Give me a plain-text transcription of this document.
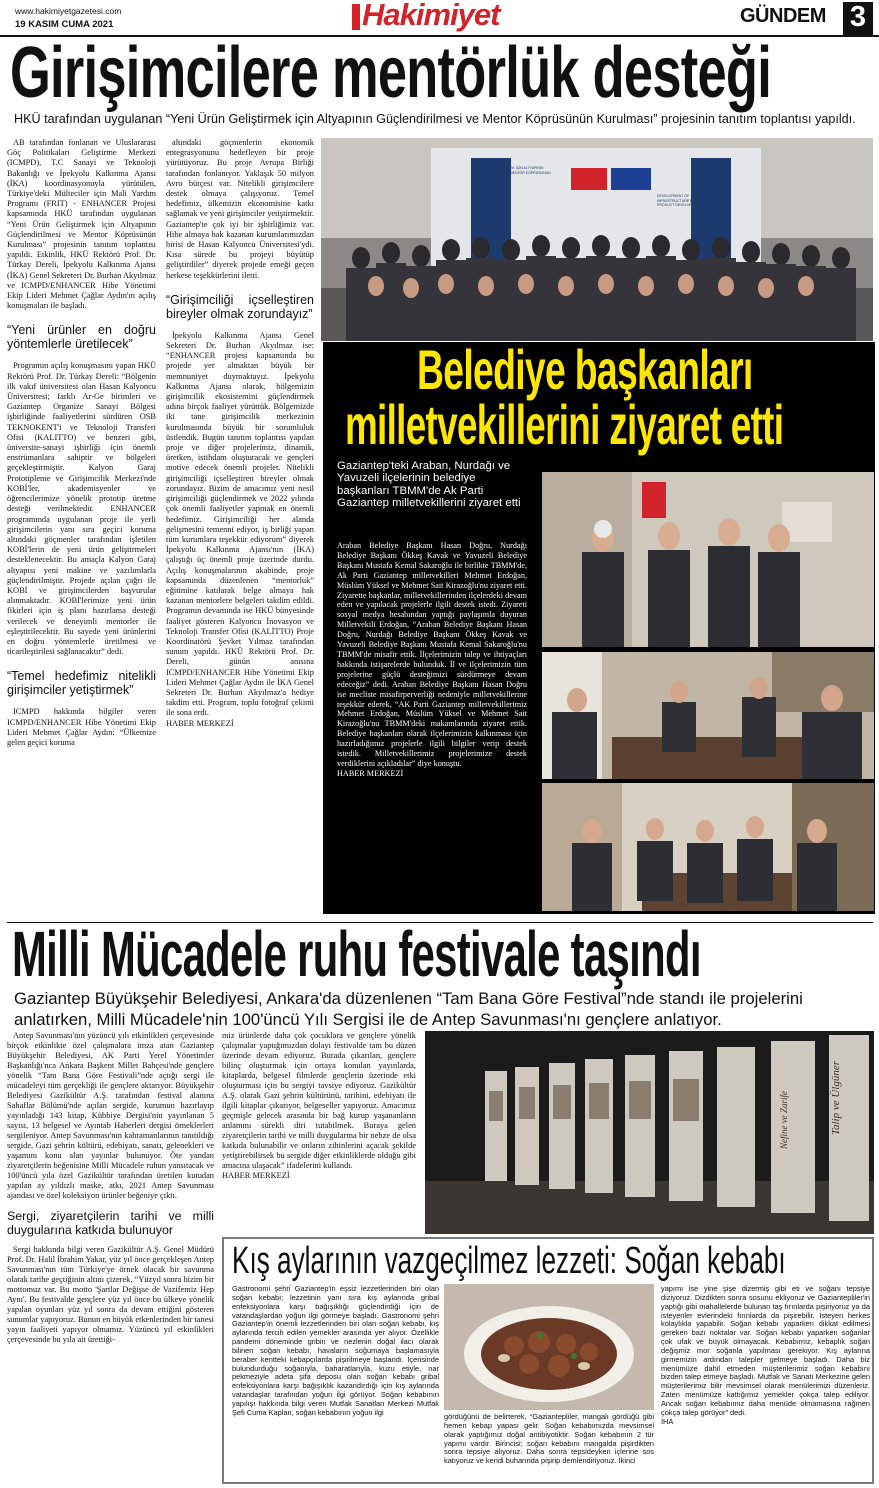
www.hakimiyetgazetesi.com
19 KASIM CUMA 2021	Hakimiyet	GÜNDEM 3
Girişimcilere mentörlük desteği
HKÜ tarafından uygulanan “Yeni Ürün Geliştirmek için Altyapının Güçlendirilmesi ve Mentor Köprüsünün Kurulması” projesinin tanıtım toplantısı yapıldı.

AB tarafından fonlanan ve Uluslararası Göç Politikaları Geliştirme Merkezi (ICMPD), T.C Sanayi ve Teknoloji Bakanlığı ve İpekyolu Kalkınma Ajansı (İKA) koordinasyonuyla yürütülen, Türkiye'deki Mülteciler için Mali Yardım Programı (FRIT) - ENHANCER Projesi kapsamında HKÜ tarafından uygulanan “Yeni Ürün Geliştirmek için Altyapının Güçlendirilmesi ve Mentor Köprüsünün Kurulması” projesinin tanıtım toplantısı yapıldı. Etkinlik, HKÜ Rektörü Prof. Dr. Türkay Dereli, İpekyolu Kalkınma Ajansı (İKA) Genel Sekreteri Dr. Burhan Akyılmaz ve ICMPD/ENHANCER Hibe Yönetimi Ekip Lideri Mehmet Çağlar Aydın'ın açılış konuşmaları ile başladı.

“Yeni ürünler en doğru yöntemlerle üretilecek”

Programın açılış konuşmasını yapan HKÜ Rektörü Prof. Dr. Türkay Dereli: “Bölgenin ilk vakıf üniversitesi olan Hasan Kalyoncu Üniversitesi; farklı Ar-Ge birimleri ve Gaziantep Organize Sanayi Bölgesi işbirliğinde faaliyetlerini sürdüren OSB TEKNOKENT'i ve Teknoloji Transferi Ofisi (KALITTO) ve benzeri gibi, üniversite-sanayi işbirliği için önemli enstrümanlara sahiptir ve bölgeleri geçekleştirmiştir. Kalyon Garaj Prototipleme ve Girişimcilik Merkezi'nde KOBİ'ler, akademisyenler ve öğrencilerimize yönelik prototip üretme desteği verilmektedir. ENHANCER programında uygulanan proje ile yerli girişimcilerin yanı sıra geçici koruma altındaki göçmenler tarafından işletilen KOBİ'lerin de yeni ürün geliştirmeleri desteklenecektir. Bu amaçla Kalyon Garaj altyapısı yeni makine ve yazılımlarla güçlendirilmiştir. Projede açılan çağrı ile KOBİ ve girişimcilerden başvurular alınmaktadır. KOBİ'lerimize yeni ürün fikirleri için iş planı hazırlama desteği verilecek ve deneyimli mentorler ile eşleştirilecektir. Bu sayede yeni ürünlerini en doğru yöntemlerle üretilmesi ve ticarileştirilesi sağlanacaktır” dedi.

“Temel hedefimiz nitelikli girişimciler yetiştirmek”

ICMPD hakkında bilgiler veren ICMPD/ENHANCER Hibe Yönetimi Ekip Lideri Mehmet Çağlar Aydın: “Ülkemize gelen geçici koruma

altındaki göçmenlerin ekonomik entegrasyonunu hedefleyen bir proje yürütüyoruz. Bu proje Avrupa Birliği tarafından fonlanıyor. Yaklaşık 50 milyon Avro bütçesi var. Nitelikli girişimcilere destek olmaya çalışıyoruz. Temel hedefimiz, ülkemizin ekonomisine katkı sağlamak ve yeni girişimciler yetiştirmektir. Gaziantep'te çok iyi bir işbirliğimiz var. Hibe almaya hak kazanan kurumlarımızdan birisi de Hasan Kalyoncu Üniversitesi'ydi. Kısa sürede bu projeyi büyütüp geliştirdiler” diyerek projede emeği geçen herkese teşekkürlerini iletti.

“Girişimciliği içselleştiren bireyler olmak zorundayız”

İpekyolu Kalkınma Ajansı Genel Sekreteri Dr. Burhan Akyılmaz ise: “ENHANCER projesi kapsamında bu projede yer almaktan büyük bir memnuniyet duymaktayız. İpekyolu Kalkınma Ajansı olarak, bölgemizin girişimcilik ekosistemini güçlendirmek adına birçok faaliyet yürüttük. Bölgemizde iki tane girişimcilik merkezinin kurulmasında büyük bir sorumluluk üstlendik. Bugün tanıtım toplantısı yapılan proje ve diğer projelerimiz, dinamik, üretken, istihdam oluşturacak ve gençleri motive edecek önemli projeler. Nitelikli girişimciliği içselleştiren bireyler olmak zorundayız. Bizim de amacımız yeni nesil girişimciliği güçlendirmek ve 2022 yılında çok önemli faaliyetler yapmak en önemli hedefimiz. Girişimciliği her alanda gelişmesini temenni ediyor, iş birliği yapan tüm kurumlara teşekkür ediyorum” diyerek İpekyolu Kalkınma Ajansı'nın (İKA) çalıştığı üç önemli proje üzerinde durdu. Açılış konuşmalarının akabinde, proje kapsamında düzenlenen “mentorluk” eğitimine katılarak belge almaya hak kazanan mentorlere belgeleri takdim edildi. Programın devamında ise HKÜ bünyesinde faaliyet gösteren Kalyoncu İnovasyon ve Teknoloji Transfer Ofisi (KALİTTO) Proje Koordinatörü Şevket Yılmaz tarafından sunum yapıldı. HKÜ Rektörü Prof. Dr. Dereli, günün anısına ICMPD/ENHANCER Hibe Yönetimi Ekip Lideri Mehmet Çağlar Aydın ile İKA Genel Sekreteri Dr. Burhan Akyılmaz'a hediye takdim etti. Program, toplu fotoğraf çekimi ile sona erdi.

HABER MERKEZİ
YENİ ÜRÜN GELİŞTİRMEK İÇİN ALTYAPININ GÜÇLENDİRİLMESİ VE MENTOR KÖPRÜSÜNÜN KURULMASI
DEVELOPMENT OF INFRASTRUCTURE FOR NEW PRODUCT DEVELOPMENT
Belediye başkanları
milletvekillerini ziyaret etti
Gaziantep'teki Araban, Nurdağı ve Yavuzeli ilçelerinin belediye başkanları TBMM'de Ak Parti Gaziantep milletvekillerini ziyaret etti

Araban Belediye Başkanı Hasan Doğru, Nurdağı Belediye Başkanı Ökkeş Kavak ve Yavuzeli Belediye Başkanı Mustafa Kemal Sakaroğlu ile birlikte TBMM'de, Ak Parti Gaziantep milletvekilleri Mehmet Erdoğan, Müslüm Yüksel ve Mehmet Sait Kirazoğlu'nu ziyaret etti. Ziyarette başkanlar, milletvekillerinden ilçelerdeki devam eden ve yapılacak projelerle ilgili destek istedi. Ziyareti sosyal medya hesabından yaptığı paylaşımla duyuran Milletvekili Erdoğan, “Araban Belediye Başkanı Hasan Doğru, Nurdağı Belediye Başkanı Ökkeş Kavak ve Yavuzeli Belediye Başkanı Mustafa Kemal Sakaroğlu'nu TBMM'de misafir ettik. İlçelerimizin talep ve ihtiyaçları hakkında istişarelerde bulunduk. İl ve ilçelerimizin tüm projelerine güçlü desteğimizi sürdürmeye devam edeceğiz” dedi. Araban Belediye Başkanı Hasan Doğru ise mecliste misafirperverliği nedeniyle milletvekillerine teşekkür ederek, “AK Parti Gaziantep milletvekillerimiz Mehmet Erdoğan, Müslüm Yüksel ve Mehmet Sait Kirazoğlu'nu TBMM'deki makamlarında ziyaret ettik. Belediye başkanları olarak ilçelerimizin kalkınması için hazırladığımız projelerle ilgili bilgiler verip destek istedik. Milletvekillerimiz projelerimize destek verdiklerini açıkladılar” diye konuştu.

HABER MERKEZİ
Milli Mücadele ruhu festivale taşındı
Gaziantep Büyükşehir Belediyesi, Ankara'da düzenlenen “Tam Bana Göre Festival”nde standı ile projelerini anlatırken, Milli Mücadele'nin 100'üncü Yılı Sergisi ile de Antep Savunması'nı gençlere anlatıyor.

Antep Savunması'nın yüzüncü yılı etkinlikleri çerçevesinde birçok etkinlikte özel çalışmalara imza atan Gaziantep Büyükşehir Belediyesi, AK Parti Yerel Yönetimler Başkanlığı'nca Ankara Başkent Millet Bahçesi'nde gençlere yönelik “Tam Bana Göre Festivali”nde açtığı sergi ile mücadeleyi tüm gerçekliği ile gençlere aktarıyor. Büyükşehir Belediyesi Gazikültür A.Ş. tarafından festival alanına Sahaflar Bölümü'nde açılan sergide, kurumun hazırlayıp yayınladığı 143 kitap, Kübbiye Dergisi'nin yayınlanan 5 sayısı, 13 belgesel ve Ayıntab Haberleri dergisi örneklerleri sergileniyor. Antep Savunması'nın kahramanlarının tanıtıldığı sergide, Gazi şehrin kültürü, edebiyatı, sanatı, gelenekleri ve yaşamını konu alan yayınlar bulunuyor. Öte yandan ziyaretçilerin beğenisine Milli Mücadele ruhun yansıtacak ve 100'üncü yıla özel Gazikültür tarafından üretilen kutudan yapılan ay yıldızlı maske, atkı, 2021 Antep Savunması ajandası ve özel koleksiyon ürünler beğeniye çıktı.

Sergi, ziyaretçilerin tarihi ve milli duygularına katkıda bulunuyor

Sergi hakkında bilgi veren Gazikültür A.Ş. Genel Müdürü Prof. Dr. Halil İbrahim Yakar, yüz yıl önce gerçekleşen Antep Savunması'nın tüm Türkiye'ye örnek olacak bir savunma olarak tarihe geçtiğinin altını çizerek, “Yüzyıl sonra bizim bir mottomuz var. Bu motto 'Şartlar Değişse de Vazifemiz Hep Aynı'. Bu festivalde gençlere yüz yıl önce bu ülkeye yönelik yapılan oyunları yüz yıl sonra da devam ettiğini gösteren sunumlar yapıyoruz. Bunun en büyük etkenlerinden bir tanesi yayın faaliyeti yapıyor olmamız. Yüzüncü yıl etkinlikleri çerçevesinde bu yıla ait ürettiği-

miz ürünlerde daha çok çocuklara ve gençlere yönelik çalışmalar yaptığımızdan dolayı festivalde tam bu düzen üzerinde devam ediyoruz. Burada çıkarılan, gençlere bilinç oluşturmak için ortaya konulan yayınlarda, kitaplarda, belgesel filmlerde gençlerin üzerinde etki oluşturması için bu sergiyi tavsiye ediyoruz. Gazikültür A.Ş. olarak Gazi şehrin kültürünü, tarihini, edebiyatı ile ilgili kitaplar çıkarıyor, belgeseller yapıyoruz. Amacımız geçmişle gelecek arasında bir bağ kurup yaşananların anlamını sürekli diri tutabilmek. Buraya gelen ziyaretçilerin tarihi ve milli duygularına bir nebze de olsa katkıda bulunabilir ve onların zihinlerini açacak şekilde yetiştirebilirsek bu sergide diğer etkinliklerde olduğu gibi amacına ulaşacak” ifadelerini kullandı.

HABER MERKEZİ
Talip ve Ülgüner
Nefine ve Zarife
Kış aylarının vazgeçilmez lezzeti: Soğan kebabı

Gastronomi şehri Gaziantep'in eşsiz lezzetlerinden biri olan soğan kebabı; lezzetinin yanı sıra kış aylarında gribal enfeksiyonlara karşı bağışıklığı güçlendirdiği için de vatandaşlardan yoğun ilgi görmeye başladı. Gastronomi şehri Gaziantep'in önemli lezzetlerinden biri olan soğan kebabı, kış aylarında tercih edilen yemekler arasında yer alıyor. Özellikle pandemi döneminde gribin ve nezlenin doğal ilacı olarak bilinen soğan kebabı, havaların soğumaya başlamasıyla beraber kentteki kebapçılarda pişirilmeye başlandı. İçerisinde bulundurduğu soğanıyla, baharatlarıyla, kuzu etiyle, nar pekmeziyle adeta şifa deposu olan soğan kebabı gribal enfeksiyonlara karşı bağışıklık kazandırdığı için kış aylarında vatandaşlar tarafından yoğun ilgi görüyor. Soğan kebabının yapılışı hakkında bilgi veren Mutfak Sanatları Merkezi Mutfak Şefi Cuma Kaplan, soğan kebabının yoğun ilgi	gördüğünü de belirterek, “Gaziantepliler, mangalı gördüğü gibi hemen kebap yapası gelir. Soğan kebabımızda mevsimsel olarak yaptığımız doğal antibiyotiktir. Soğan kebabının 2 tür yapımı vardır. Birincisi; soğan kebabını mangalda pişirdikten sonra tepsiye alıyoruz. Daha sonra tepsideyken içlerine sos katıyoruz ve kendi buharında pişirip demlendiriyoruz. İkinci

yapımı ise yine şişe dizermiş gibi eti ve soğanı tepsiye diziyoruz. Dizdikten sonra sosunu ekliyoruz ve Gaziantepliler'in yaptığı gibi mahallelerde bulunan taş fırınlarda pişiriyoruz ya da isteyenler evlerindeki fırınlarda da pişirebilir. İsteyen herkes kolaylıkla yapabilir. Soğan kebabı yaparken dikkat edilmesi gereken bazı noktalar var. Soğan kebabı yaparken soğanlar çok ufak ve büyük olmayacak. Kebabımız, kebaplık soğan değişmiz mor soğanla yapılması gerekiyor. Kış aylarına girmemizin ardından talepler gelmeye başladı. Daha biz menümüze dahil etmeden müşterilerimiz soğan kebabını bizden talep etmeye başladı. Mutfak ve Sanatı Merkezine gelen müşterilerimiz bilir mevsimsel olarak menülerimizi düzenleriz. Zaten menümüze kattığımız yemekler çokça talep ediliyor. Ancak soğan kebabımız daha menüde olmamasına rağmen çokça talep görüyor” dedi.

İHA
